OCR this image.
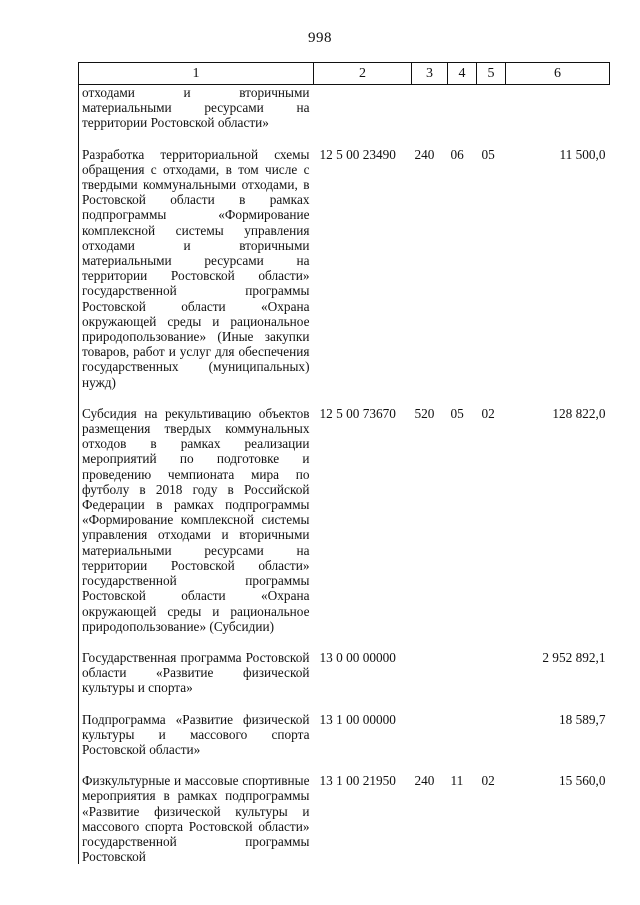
998
1	2	3	4	5	6
отходами и вторичными материальными ресурсами на территории Ростовской области»					

Разработка территориальной схемы обращения с отходами, в том числе с твердыми коммунальными отходами, в Ростовской области в рамках подпрограммы «Формирование комплексной системы управления отходами и вторичными материальными ресурсами на территории Ростовской области» государственной программы Ростовской области «Охрана окружающей среды и рациональное природопользование» (Иные закупки товаров, работ и услуг для обеспечения государственных (муниципальных) нужд)	12 5 00 23490	240	06	05	11 500,0

Субсидия на рекультивацию объектов размещения твердых коммунальных отходов в рамках реализации мероприятий по подготовке и проведению чемпионата мира по футболу в 2018 году в Российской Федерации в рамках подпрограммы «Формирование комплексной системы управления отходами и вторичными материальными ресурсами на территории Ростовской области» государственной программы Ростовской области «Охрана окружающей среды и рациональное природопользование» (Субсидии)	12 5 00 73670	520	05	02	128 822,0

Государственная программа Ростовской области «Развитие физической культуры и спорта»	13 0 00 00000				2 952 892,1

Подпрограмма «Развитие физической культуры и массового спорта Ростовской области»	13 1 00 00000				18 589,7

Физкультурные и массовые спортивные мероприятия в рамках подпрограммы «Развитие физической культуры и массового спорта Ростовской области» государственной программы Ростовской	13 1 00 21950	240	11	02	15 560,0
